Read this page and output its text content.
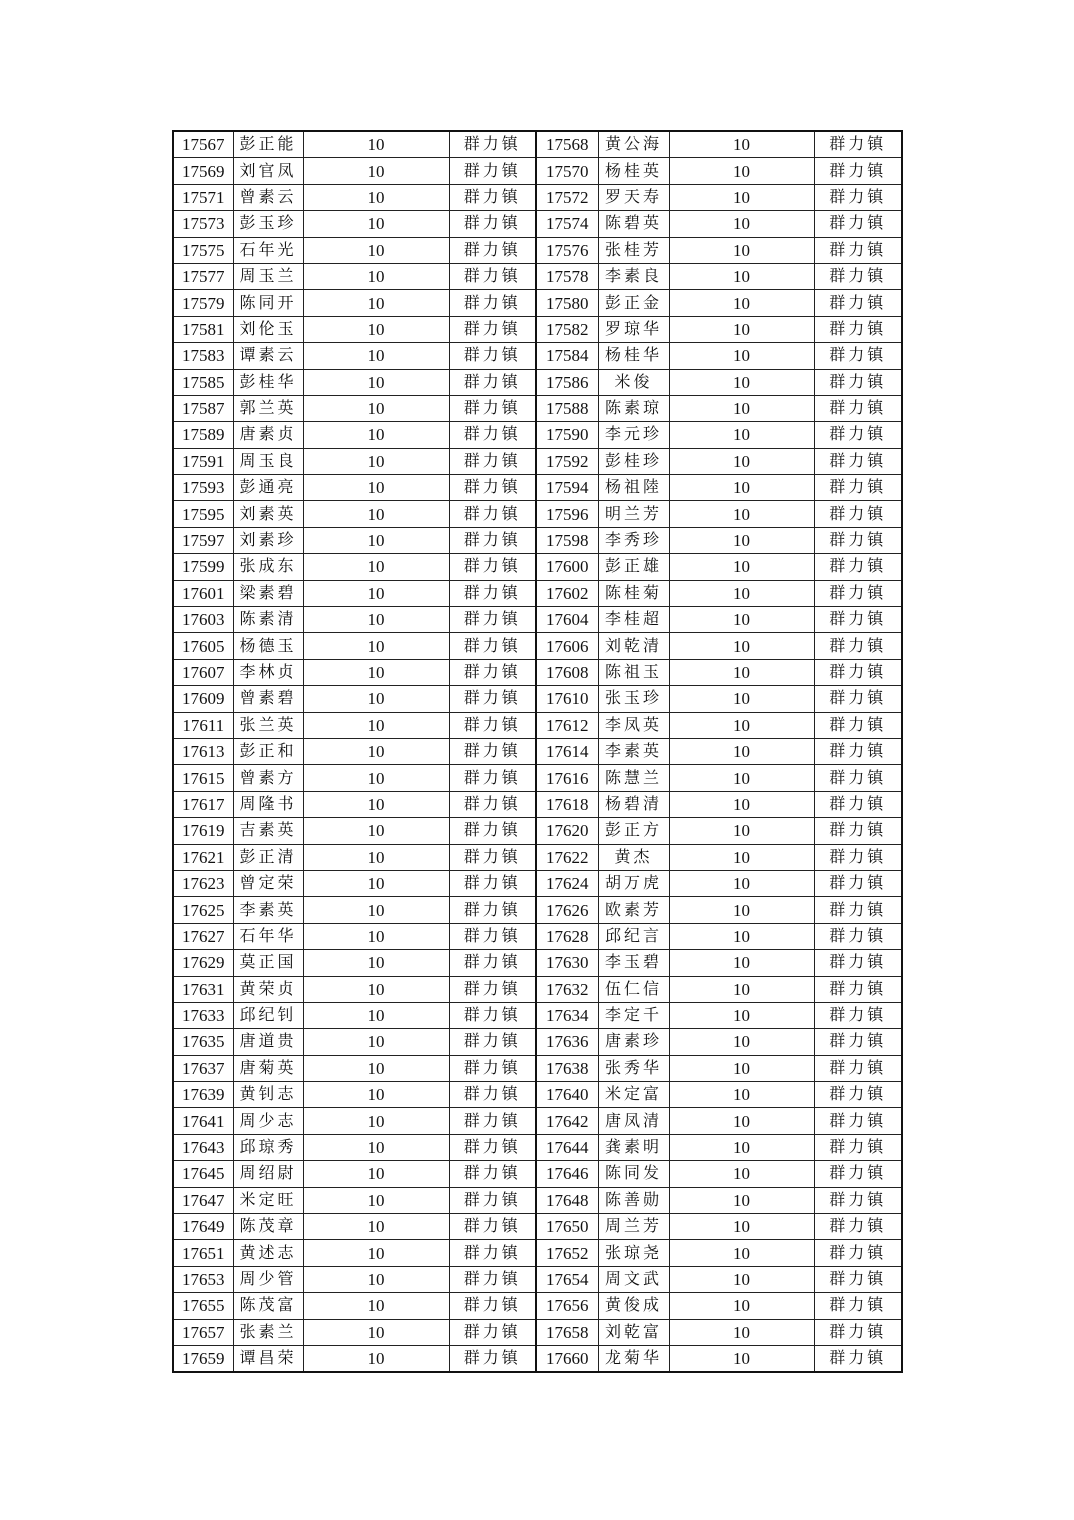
17567	彭正能	10	群力镇	17568	黄公海	10	群力镇
17569	刘官凤	10	群力镇	17570	杨桂英	10	群力镇
17571	曾素云	10	群力镇	17572	罗天寿	10	群力镇
17573	彭玉珍	10	群力镇	17574	陈碧英	10	群力镇
17575	石年光	10	群力镇	17576	张桂芳	10	群力镇
17577	周玉兰	10	群力镇	17578	李素良	10	群力镇
17579	陈同开	10	群力镇	17580	彭正金	10	群力镇
17581	刘伦玉	10	群力镇	17582	罗琼华	10	群力镇
17583	谭素云	10	群力镇	17584	杨桂华	10	群力镇
17585	彭桂华	10	群力镇	17586	米俊	10	群力镇
17587	郭兰英	10	群力镇	17588	陈素琼	10	群力镇
17589	唐素贞	10	群力镇	17590	李元珍	10	群力镇
17591	周玉良	10	群力镇	17592	彭桂珍	10	群力镇
17593	彭通亮	10	群力镇	17594	杨祖陸	10	群力镇
17595	刘素英	10	群力镇	17596	明兰芳	10	群力镇
17597	刘素珍	10	群力镇	17598	李秀珍	10	群力镇
17599	张成东	10	群力镇	17600	彭正雄	10	群力镇
17601	梁素碧	10	群力镇	17602	陈桂菊	10	群力镇
17603	陈素清	10	群力镇	17604	李桂超	10	群力镇
17605	杨德玉	10	群力镇	17606	刘乾清	10	群力镇
17607	李林贞	10	群力镇	17608	陈祖玉	10	群力镇
17609	曾素碧	10	群力镇	17610	张玉珍	10	群力镇
17611	张兰英	10	群力镇	17612	李凤英	10	群力镇
17613	彭正和	10	群力镇	17614	李素英	10	群力镇
17615	曾素方	10	群力镇	17616	陈慧兰	10	群力镇
17617	周隆书	10	群力镇	17618	杨碧清	10	群力镇
17619	吉素英	10	群力镇	17620	彭正方	10	群力镇
17621	彭正清	10	群力镇	17622	黄杰	10	群力镇
17623	曾定荣	10	群力镇	17624	胡万虎	10	群力镇
17625	李素英	10	群力镇	17626	欧素芳	10	群力镇
17627	石年华	10	群力镇	17628	邱纪言	10	群力镇
17629	莫正国	10	群力镇	17630	李玉碧	10	群力镇
17631	黄荣贞	10	群力镇	17632	伍仁信	10	群力镇
17633	邱纪钊	10	群力镇	17634	李定千	10	群力镇
17635	唐道贵	10	群力镇	17636	唐素珍	10	群力镇
17637	唐菊英	10	群力镇	17638	张秀华	10	群力镇
17639	黄钊志	10	群力镇	17640	米定富	10	群力镇
17641	周少志	10	群力镇	17642	唐凤清	10	群力镇
17643	邱琼秀	10	群力镇	17644	龚素明	10	群力镇
17645	周绍尉	10	群力镇	17646	陈同发	10	群力镇
17647	米定旺	10	群力镇	17648	陈善勋	10	群力镇
17649	陈茂章	10	群力镇	17650	周兰芳	10	群力镇
17651	黄述志	10	群力镇	17652	张琼尧	10	群力镇
17653	周少管	10	群力镇	17654	周文武	10	群力镇
17655	陈茂富	10	群力镇	17656	黄俊成	10	群力镇
17657	张素兰	10	群力镇	17658	刘乾富	10	群力镇
17659	谭昌荣	10	群力镇	17660	龙菊华	10	群力镇
